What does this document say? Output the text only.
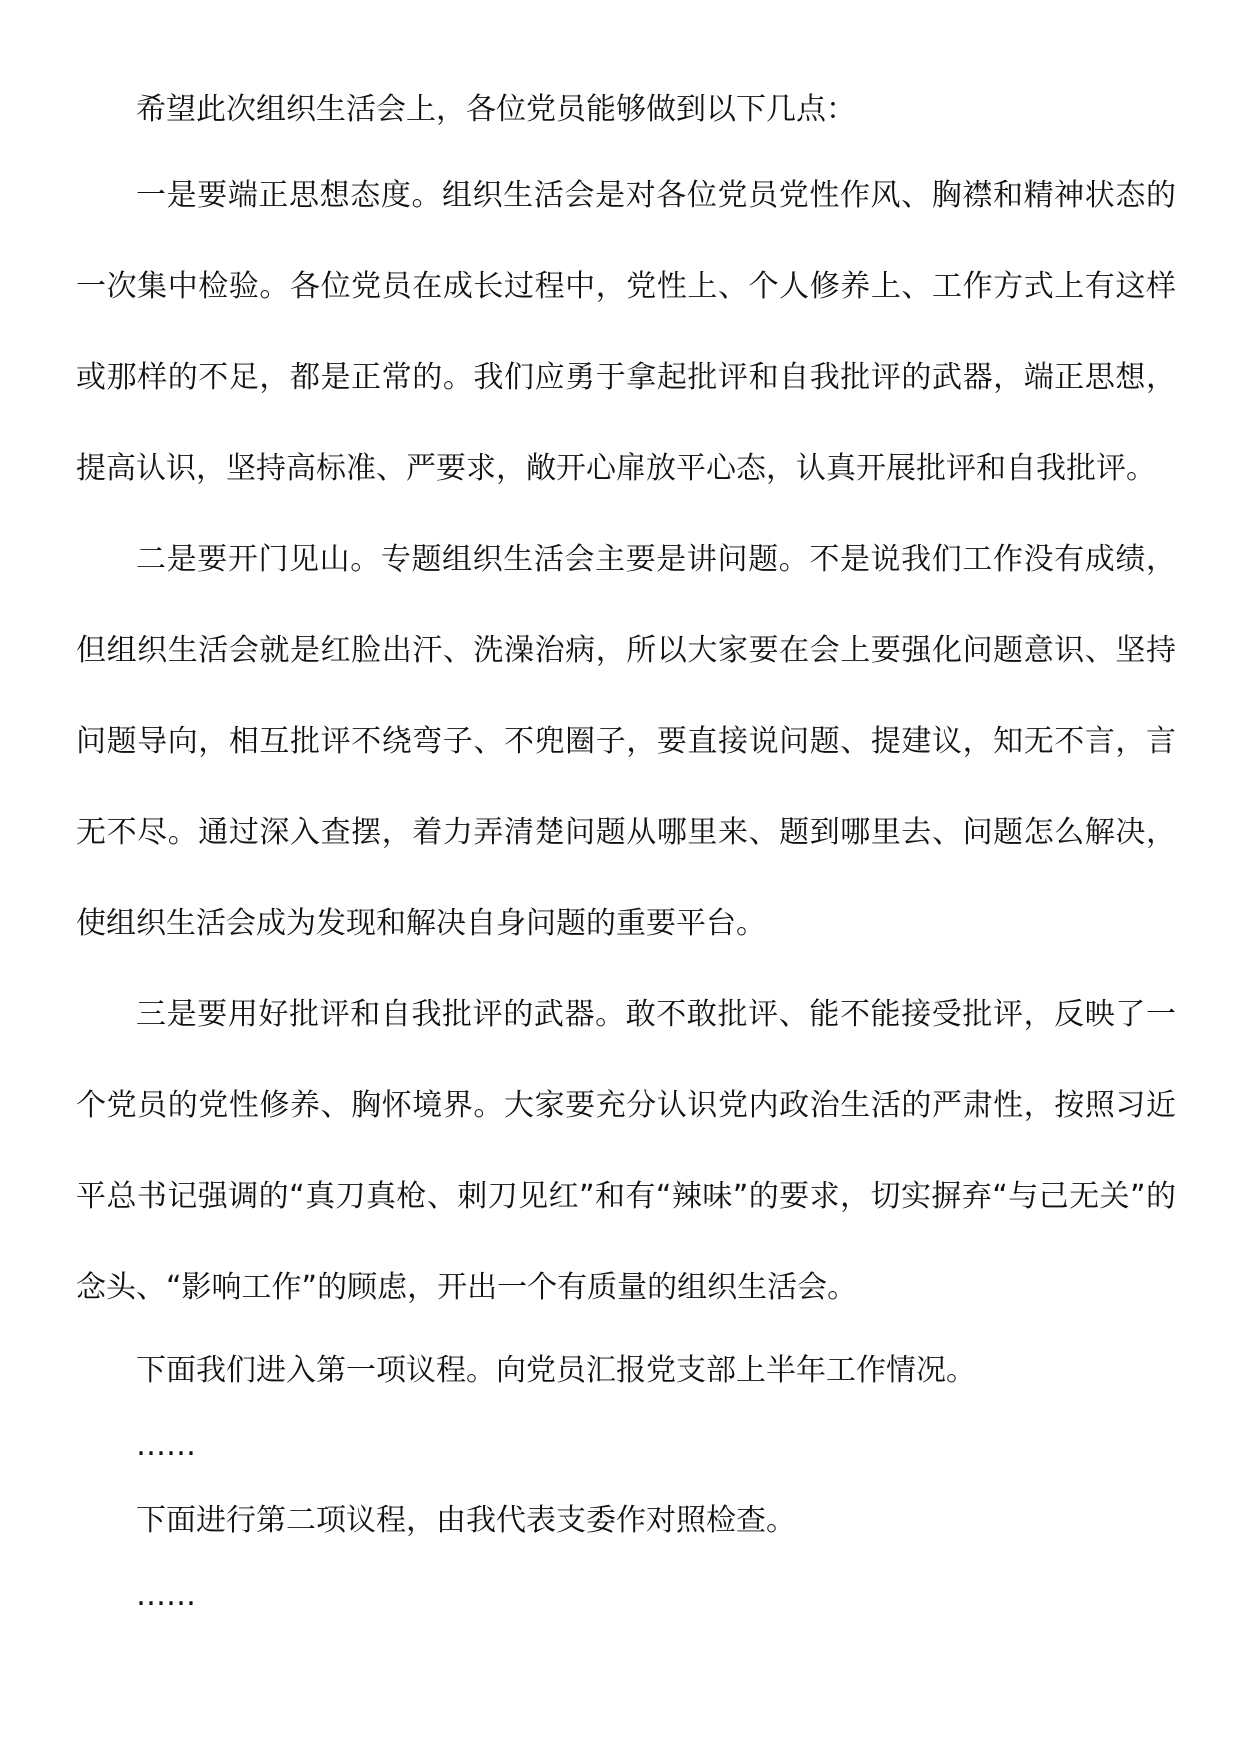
希望此次组织生活会上，各位党员能够做到以下几点：

一是要端正思想态度。组织生活会是对各位党员党性作风、胸襟和精神状态的一次集中检验。各位党员在成长过程中，党性上、个人修养上、工作方式上有这样或那样的不足，都是正常的。我们应勇于拿起批评和自我批评的武器，端正思想，提高认识，坚持高标准、严要求，敞开心扉放平心态，认真开展批评和自我批评。

二是要开门见山。专题组织生活会主要是讲问题。不是说我们工作没有成绩，但组织生活会就是红脸出汗、洗澡治病，所以大家要在会上要强化问题意识、坚持问题导向，相互批评不绕弯子、不兜圈子，要直接说问题、提建议，知无不言，言无不尽。通过深入查摆，着力弄清楚问题从哪里来、题到哪里去、问题怎么解决，使组织生活会成为发现和解决自身问题的重要平台。

三是要用好批评和自我批评的武器。敢不敢批评、能不能接受批评，反映了一个党员的党性修养、胸怀境界。大家要充分认识党内政治生活的严肃性，按照习近平总书记强调的“真刀真枪、刺刀见红”和有“辣味”的要求，切实摒弃“与己无关”的念头、“影响工作”的顾虑，开出一个有质量的组织生活会。

下面我们进入第一项议程。向党员汇报党支部上半年工作情况。

……

下面进行第二项议程，由我代表支委作对照检查。

……
